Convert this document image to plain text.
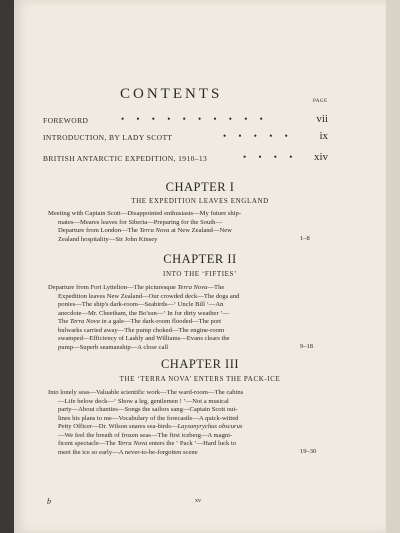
CONTENTS	PAGE
FOREWORD	• • • • • • • • • •	vii
INTRODUCTION, BY LADY SCOTT	• • • • • ix
BRITISH ANTARCTIC EXPEDITION, 1910–13	• • • • xiv
CHAPTER I
THE EXPEDITION LEAVES ENGLAND
Meeting with Captain Scott—Disappointed enthusiasts—My future ship-
mates—Meares leaves for Siberia—Preparing for the South—
Departure from London—The Terra Nova at New Zealand—New
Zealand hospitality—Sir John Kinsey	1–8
CHAPTER II
INTO THE ‘FIFTIES’
Departure from Fort Lyttelton—The picturesque Terra Nova—The
Expedition leaves New Zealand—Our crowded deck—The dogs and
ponies—The ship's dark-room—Seabirds—‘ Uncle Bill ’—An
anecdote—Mr. Cheetham, the Bo'sun—‘ In for dirty weather ’—
The Terra Nova in a gale—The dark-room flooded—The port
bulwarks carried away—The pump choked—The engine-room
swamped—Efficiency of Lashly and Williams—Evans clears the
pump—Superb seamanship—A close call	9–18
CHAPTER III
THE ‘TERRA NOVA’ ENTERS THE PACK-ICE
Into lonely seas—Valuable scientific work—The ward-room—The cabins
—Life below deck—‘ Show a leg, gentlemen ! ’—Not a musical
party—About chanties—Songs the sailors sang—Captain Scott out-
lines his plans to me—Vocabulary of the forecastle—A quick-witted
Petty Officer—Dr. Wilson snares sea-birds—Laysanyrychus obscurus
—We feel the breath of frozen seas—The first iceberg—A magni-
ficent spectacle—The Terra Nova enters the ‘ Pack ’—Hard luck to
meet the ice so early—A never-to-be-forgotten scene	19–30
b	xv
